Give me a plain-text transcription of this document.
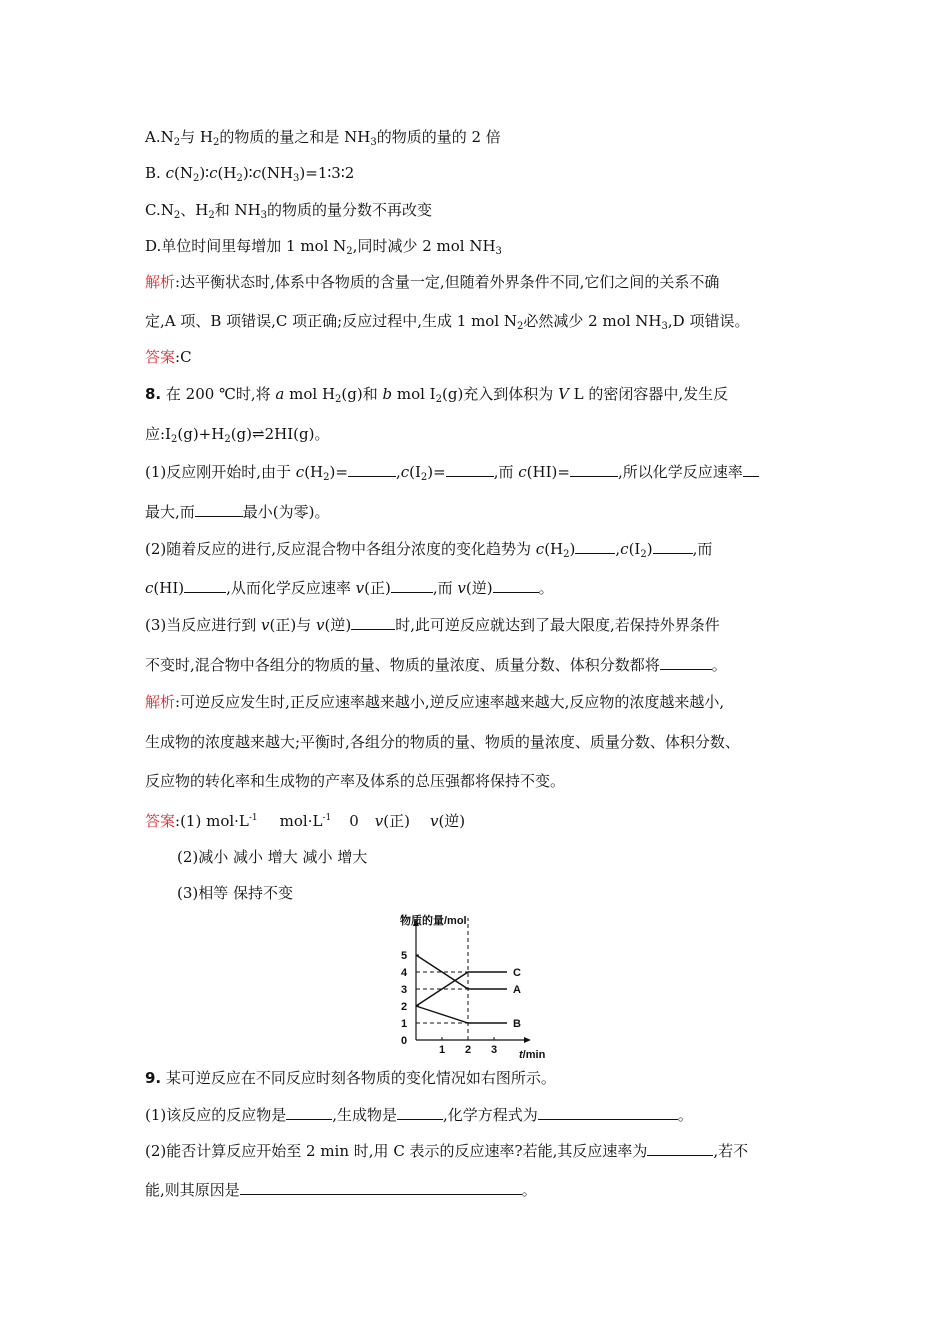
$A.N_2$与 $H_2$的物质的量之和是 $NH_3$的物质的量的 2 倍
B. $c(N_2)∶c(H_2)∶c(NH_3)=1∶3∶2$
$C.N_2$、$H_2$和 $NH_3$的物质的量分数不再改变
D.单位时间里每增加 1 mol $N_2$,同时减少 2 mol $NH_3$
解析:达平衡状态时,体系中各物质的含量一定,但随着外界条件不同,它们之间的关系不确
定,A 项、B 项错误,C 项正确;反应过程中,生成 1 mol $N_2$必然减少 2 mol $NH_3,D$ 项错误。
答案:C
8. 在 200 ℃时,将 a mol $H_2(g)$和 b mol $I_2(g)$充入到体积为 V L 的密闭容器中,发生反
应$:I_2(g)+H_2(g)\rightleftharpoons 2HI(g)$。
(1)反应刚开始时,由于 $c(H_2)=$	$,c(I_2)=$	,而 c(HI)=	,所以化学反应速率
最大,而	最小(为零)。
(2)随着反应的进行,反应混合物中各组分浓度的变化趋势为 $c(H_2)$	$,c(I_2)$	,而
c(HI)	,从而化学反应速率 v(正)	,而 v(逆)	。
(3)当反应进行到 v(正)与 v(逆)	时,此可逆反应就达到了最大限度,若保持外界条件
不变时,混合物中各组分的物质的量、物质的量浓度、质量分数、体积分数都将	。
解析:可逆反应发生时,正反应速率越来越小,逆反应速率越来越大,反应物的浓度越来越小,
生成物的浓度越来越大;平衡时,各组分的物质的量、物质的量浓度、质量分数、体积分数、
反应物的转化率和生成物的产率及体系的总压强都将保持不变。
答案:(1) $mol\cdot L^{-1}$ $mol\cdot L^{-1}$ 0 v(正) v(逆)
(2)减小 减小 增大 减小 增大
(3)相等 保持不变
物质的量/mol
t/min
0
1
2
3
4
5
1 2 3
C
A
B
9. 某可逆反应在不同反应时刻各物质的变化情况如右图所示。
(1)该反应的反应物是	,生成物是	,化学方程式为	。
(2)能否计算反应开始至 2 min 时,用 C 表示的反应速率?若能,其反应速率为	,若不
能,则其原因是	。
